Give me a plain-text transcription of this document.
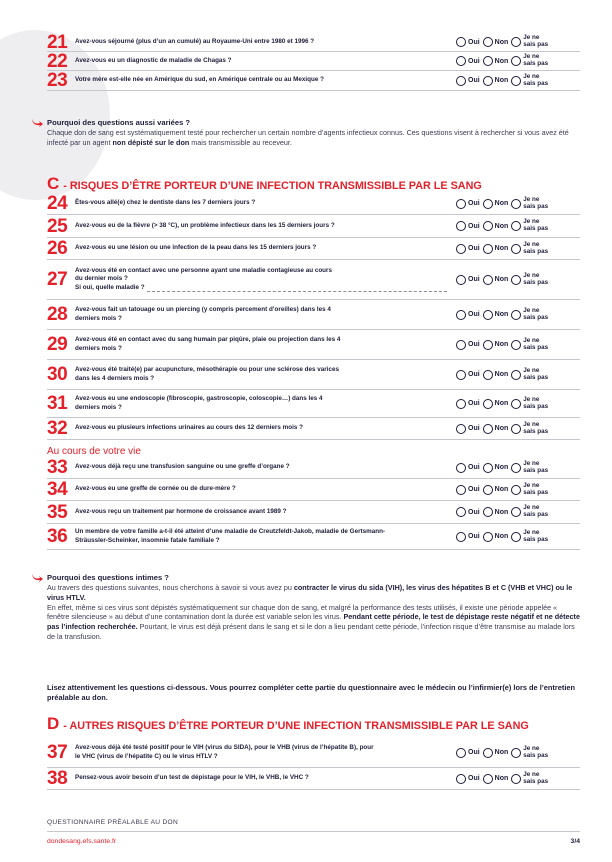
21	Avez-vous séjourné (plus d’un an cumulé) au Royaume-Uni entre 1980 et 1996 ?	Oui Non
Je ne
sais pas
22	Avez-vous eu un diagnostic de maladie de Chagas ?	Oui Non
Je ne
sais pas
23	Votre mère est-elle née en Amérique du sud, en Amérique centrale ou au Mexique ?	Oui Non
Je ne
sais pas
Pourquoi des questions aussi variées ?
Chaque don de sang est systématiquement testé pour rechercher un certain nombre d’agents infectieux connus. Ces questions visent à rechercher si vous avez été infecté par un agent non dépisté sur le don mais transmissible au receveur.
C - RISQUES D’ÊTRE PORTEUR D’UNE INFECTION TRANSMISSIBLE PAR LE SANG
24	Êtes-vous allé(e) chez le dentiste dans les 7 derniers jours ?	Oui Non
Je ne
sais pas
25	Avez-vous eu de la fièvre (> 38 °C), un problème infectieux dans les 15 derniers jours ?	Oui Non
Je ne
sais pas
26	Avez-vous eu une lésion ou une infection de la peau dans les 15 derniers jours ?	Oui Non
Je ne
sais pas
27	Avez-vous été en contact avec une personne ayant une maladie contagieuse au cours du dernier mois ?
Si oui, quelle maladie ?
Oui Non
Je ne
sais pas
28	Avez-vous fait un tatouage ou un piercing (y compris percement d’oreilles) dans les 4 derniers mois ?	Oui Non
Je ne
sais pas
29	Avez-vous été en contact avec du sang humain par piqûre, plaie ou projection dans les 4 derniers mois ?	Oui Non
Je ne
sais pas
30	Avez-vous été traité(e) par acupuncture, mésothérapie ou pour une sclérose des varices dans les 4 derniers mois ?	Oui Non
Je ne
sais pas
31	Avez-vous eu une endoscopie (fibroscopie, gastroscopie, coloscopie…) dans les 4 derniers mois ?	Oui Non
Je ne
sais pas
32	Avez-vous eu plusieurs infections urinaires au cours des 12 derniers mois ?	Oui Non
Je ne
sais pas
Au cours de votre vie
33	Avez-vous déjà reçu une transfusion sanguine ou une greffe d’organe ?	Oui Non
Je ne
sais pas
34	Avez-vous eu une greffe de cornée ou de dure-mère ?	Oui Non
Je ne
sais pas
35	Avez-vous reçu un traitement par hormone de croissance avant 1989 ?	Oui Non
Je ne
sais pas
36	Un membre de votre famille a-t-il été atteint d’une maladie de Creutzfeldt-Jakob, maladie de Gertsmann-Sträussler-Scheinker, insomnie fatale familiale ?	Oui Non
Je ne
sais pas
Pourquoi des questions intimes ?
Au travers des questions suivantes, nous cherchons à savoir si vous avez pu contracter le virus du sida (VIH), les virus des hépatites B et C (VHB et VHC) ou le virus HTLV.
En effet, même si ces virus sont dépistés systématiquement sur chaque don de sang, et malgré la performance des tests utilisés, il existe une période appelée « fenêtre silencieuse » au début d’une contamination dont la durée est variable selon les virus. Pendant cette période, le test de dépistage reste négatif et ne détecte pas l’infection recherchée. Pourtant, le virus est déjà présent dans le sang et si le don a lieu pendant cette période, l’infection risque d’être transmise au malade lors de la transfusion.
Lisez attentivement les questions ci-dessous. Vous pourrez compléter cette partie du questionnaire avec le médecin ou l’infirmier(e) lors de l’entretien préalable au don.
D - AUTRES RISQUES D’ÊTRE PORTEUR D’UNE INFECTION TRANSMISSIBLE PAR LE SANG
37	Avez-vous déjà été testé positif pour le VIH (virus du SIDA), pour le VHB (virus de l’hépatite B), pour le VHC (virus de l’hépatite C) ou le virus HTLV ?	Oui Non
Je ne
sais pas
38	Pensez-vous avoir besoin d’un test de dépistage pour le VIH, le VHB, le VHC ?	Oui Non
Je ne
sais pas
QUESTIONNAIRE PRÉALABLE AU DON
dondesang.efs.sante.fr	3/4
